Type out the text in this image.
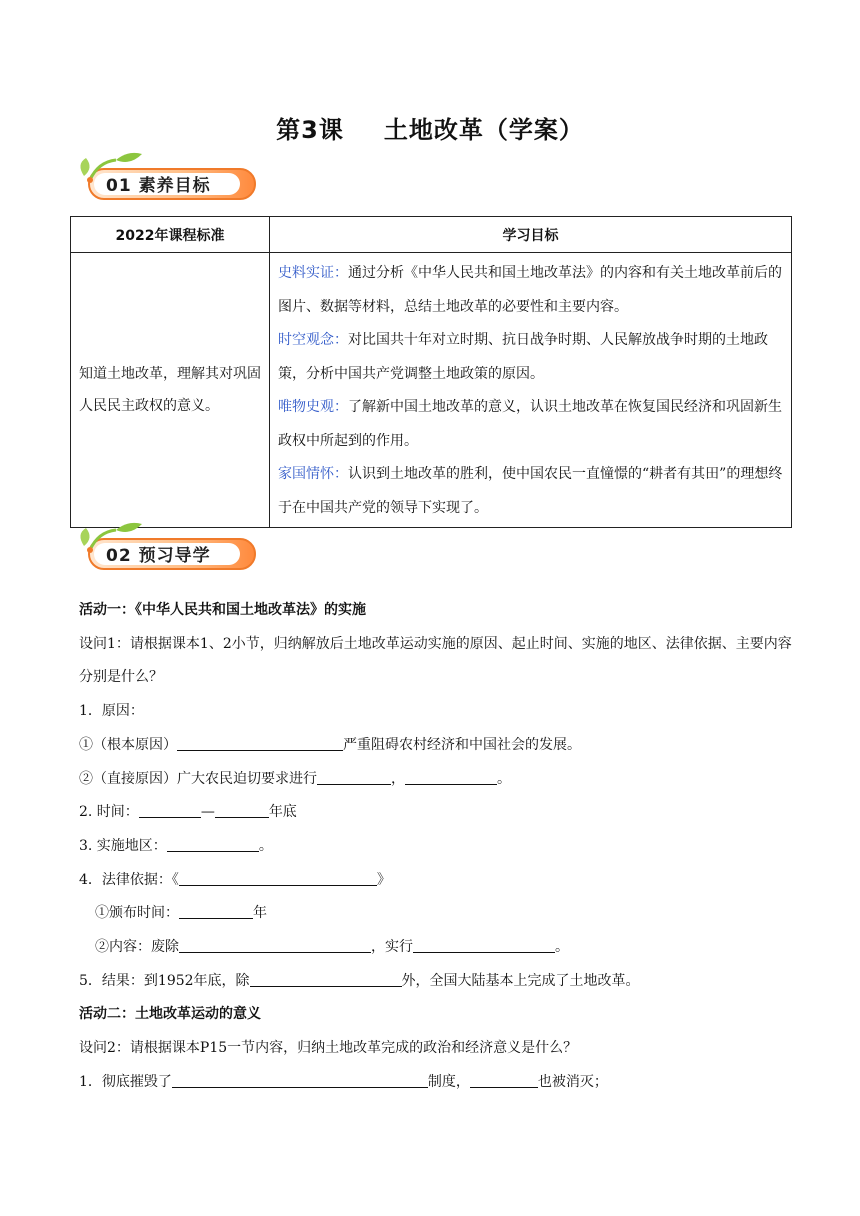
第3课 土地改革（学案）
01 素养目标
2022年课程标准	学习目标
知道土地改革，理解其对巩固人民民主政权的意义。	史料实证：通过分析《中华人民共和国土地改革法》的内容和有关土地改革前后的图片、数据等材料，总结土地改革的必要性和主要内容。

时空观念：对比国共十年对立时期、抗日战争时期、人民解放战争时期的土地政策，分析中国共产党调整土地政策的原因。

唯物史观：了解新中国土地改革的意义，认识土地改革在恢复国民经济和巩固新生政权中所起到的作用。

家国情怀：认识到土地改革的胜利，使中国农民一直憧憬的“耕者有其田”的理想终于在中国共产党的领导下实现了。

02 预习导学

活动一：《中华人民共和国土地改革法》的实施

设问1：请根据课本1、2小节，归纳解放后土地改革运动实施的原因、起止时间、实施的地区、法律依据、主要内容分别是什么？

1．原因：

①（根本原因）	严重阻碍农村经济和中国社会的发展。

②（直接原因）广大农民迫切要求进行	，	。

2. 时间：	—	年底

3. 实施地区：	。

4．法律依据：《	》

①颁布时间：	年

②内容：废除	，实行	。

5．结果：到1952年底，除	外，全国大陆基本上完成了土地改革。

活动二：土地改革运动的意义

设问2：请根据课本P15一节内容，归纳土地改革完成的政治和经济意义是什么？

1．彻底摧毁了	制度，	也被消灭；
